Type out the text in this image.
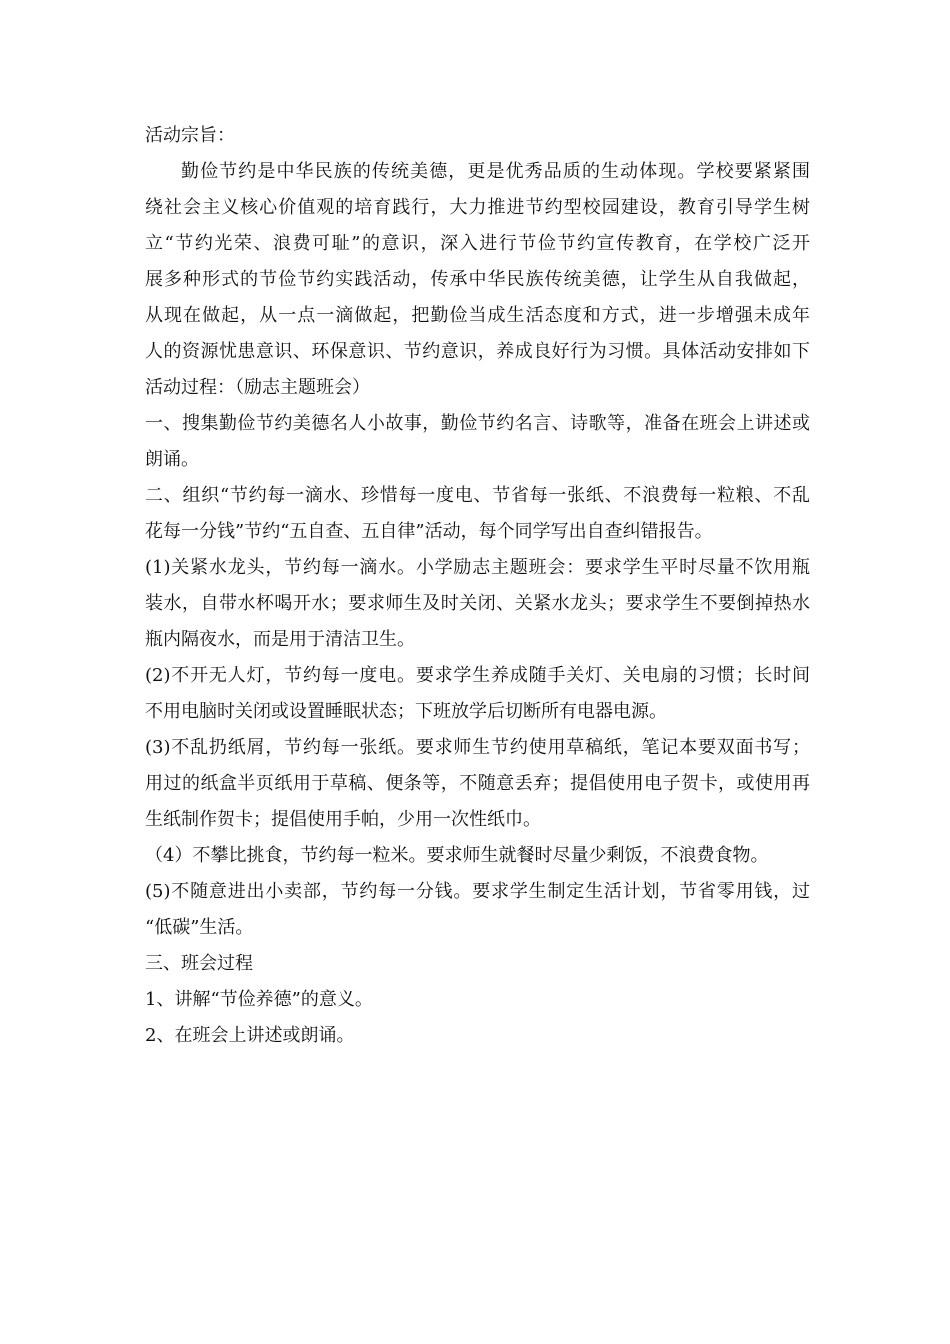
活动宗旨：

勤俭节约是中华民族的传统美德，更是优秀品质的生动体现。学校要紧紧围

绕社会主义核心价值观的培育践行，大力推进节约型校园建设，教育引导学生树

立“节约光荣、浪费可耻”的意识，深入进行节俭节约宣传教育，在学校广泛开

展多种形式的节俭节约实践活动，传承中华民族传统美德，让学生从自我做起，

从现在做起，从一点一滴做起，把勤俭当成生活态度和方式，进一步增强未成年

人的资源忧患意识、环保意识、节约意识，养成良好行为习惯。具体活动安排如下

活动过程：（励志主题班会）

一、搜集勤俭节约美德名人小故事，勤俭节约名言、诗歌等，准备在班会上讲述或

朗诵。

二、组织“节约每一滴水、珍惜每一度电、节省每一张纸、不浪费每一粒粮、不乱

花每一分钱”节约“五自查、五自律”活动，每个同学写出自查纠错报告。

(1)关紧水龙头，节约每一滴水。小学励志主题班会：要求学生平时尽量不饮用瓶

装水，自带水杯喝开水；要求师生及时关闭、关紧水龙头；要求学生不要倒掉热水

瓶内隔夜水，而是用于清洁卫生。

(2)不开无人灯，节约每一度电。要求学生养成随手关灯、关电扇的习惯；长时间

不用电脑时关闭或设置睡眠状态；下班放学后切断所有电器电源。

(3)不乱扔纸屑，节约每一张纸。要求师生节约使用草稿纸，笔记本要双面书写；

用过的纸盒半页纸用于草稿、便条等，不随意丢弃；提倡使用电子贺卡，或使用再

生纸制作贺卡；提倡使用手帕，少用一次性纸巾。

（4）不攀比挑食，节约每一粒米。要求师生就餐时尽量少剩饭，不浪费食物。

(5)不随意进出小卖部，节约每一分钱。要求学生制定生活计划，节省零用钱，过

“低碳”生活。

三、班会过程

1、讲解“节俭养德”的意义。

2、在班会上讲述或朗诵。
